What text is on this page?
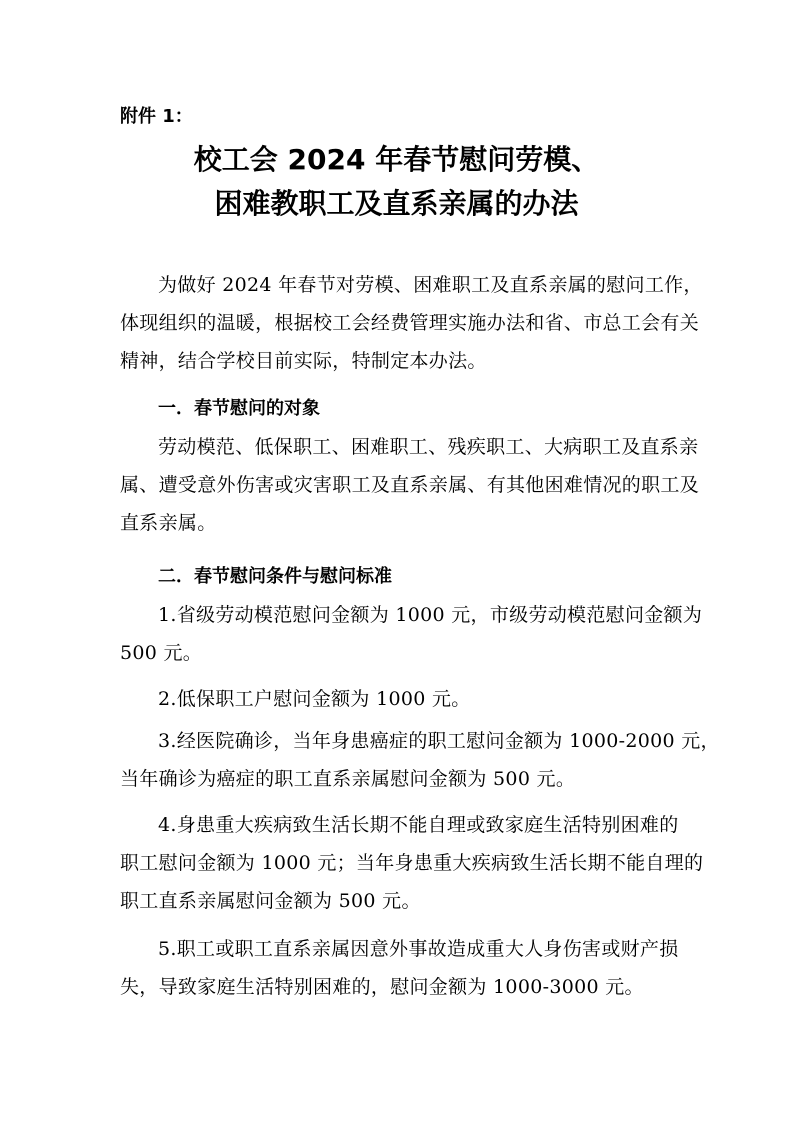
附件 1：
校工会 2024 年春节慰问劳模、
困难教职工及直系亲属的办法
为做好 2024 年春节对劳模、困难职工及直系亲属的慰问工作，
体现组织的温暖，根据校工会经费管理实施办法和省、市总工会有关
精神，结合学校目前实际，特制定本办法。
一．春节慰问的对象
劳动模范、低保职工、困难职工、残疾职工、大病职工及直系亲
属、遭受意外伤害或灾害职工及直系亲属、有其他困难情况的职工及
直系亲属。
二．春节慰问条件与慰问标准
1.省级劳动模范慰问金额为 1000 元，市级劳动模范慰问金额为
500 元。
2.低保职工户慰问金额为 1000 元。
3.经医院确诊，当年身患癌症的职工慰问金额为 1000-2000 元，
当年确诊为癌症的职工直系亲属慰问金额为 500 元。
4.身患重大疾病致生活长期不能自理或致家庭生活特别困难的
职工慰问金额为 1000 元；当年身患重大疾病致生活长期不能自理的
职工直系亲属慰问金额为 500 元。
5.职工或职工直系亲属因意外事故造成重大人身伤害或财产损
失，导致家庭生活特别困难的，慰问金额为 1000-3000 元。
